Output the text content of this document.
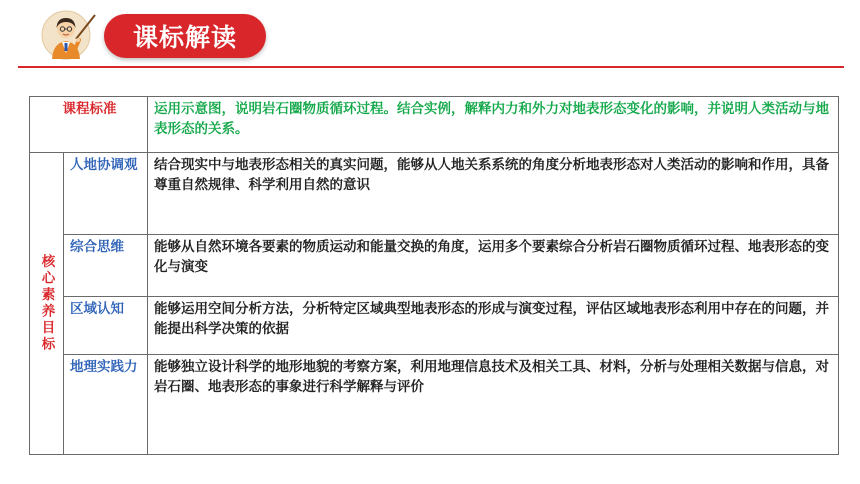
课标解读
课程标准		运用示意图，说明岩石圈物质循环过程。结合实例，解释内力和外力对地表形态变化的影响，并说明人类活动与地表形态的关系。
核心素养目标	人地协调观	结合现实中与地表形态相关的真实问题，能够从人地关系系统的角度分析地表形态对人类活动的影响和作用，具备尊重自然规律、科学利用自然的意识
	综合思维	能够从自然环境各要素的物质运动和能量交换的角度，运用多个要素综合分析岩石圈物质循环过程、地表形态的变化与演变
	区域认知	能够运用空间分析方法，分析特定区域典型地表形态的形成与演变过程，评估区域地表形态利用中存在的问题，并能提出科学决策的依据
	地理实践力	能够独立设计科学的地形地貌的考察方案，利用地理信息技术及相关工具、材料，分析与处理相关数据与信息，对岩石圈、地表形态的事象进行科学解释与评价
